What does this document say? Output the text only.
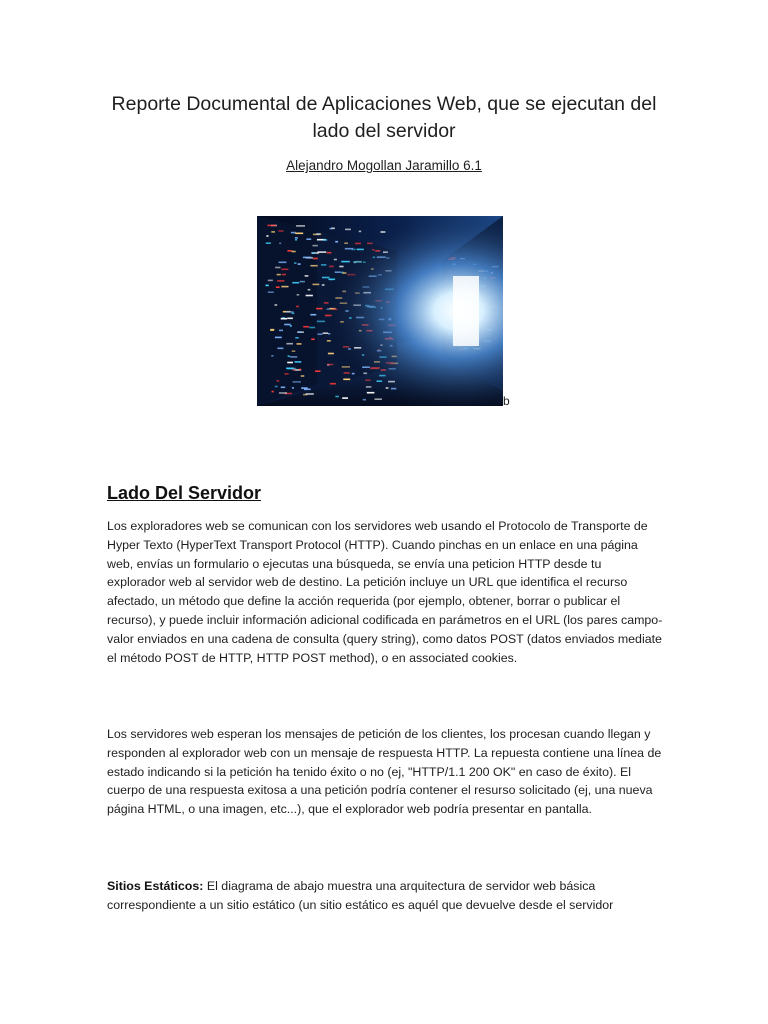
Reporte Documental de Aplicaciones Web, que se ejecutan del lado del servidor
Alejandro Mogollan Jaramillo 6.1
b
Lado Del Servidor

Los exploradores web se comunican con los servidores web usando el Protocolo de Transporte de Hyper Texto (HyperText Transport Protocol (HTTP). Cuando pinchas en un enlace en una página web, envías un formulario o ejecutas una búsqueda, se envía una peticion HTTP desde tu explorador web al servidor web de destino. La petición incluye un URL que identifica el recurso afectado, un método que define la acción requerida (por ejemplo, obtener, borrar o publicar el recurso), y puede incluir información adicional codificada en parámetros en el URL (los pares campo-valor enviados en una cadena de consulta (query string), como datos POST (datos enviados mediate el método POST de HTTP, HTTP POST method), o en associated cookies.

Los servidores web esperan los mensajes de petición de los clientes, los procesan cuando llegan y responden al explorador web con un mensaje de respuesta HTTP. La repuesta contiene una línea de estado indicando si la petición ha tenido éxito o no (ej, "HTTP/1.1 200 OK" en caso de éxito). El cuerpo de una respuesta exitosa a una petición podría contener el resurso solicitado (ej, una nueva página HTML, o una imagen, etc...), que el explorador web podría presentar en pantalla.

Sitios Estáticos: El diagrama de abajo muestra una arquitectura de servidor web básica correspondiente a un sitio estático (un sitio estático es aquél que devuelve desde el servidor
